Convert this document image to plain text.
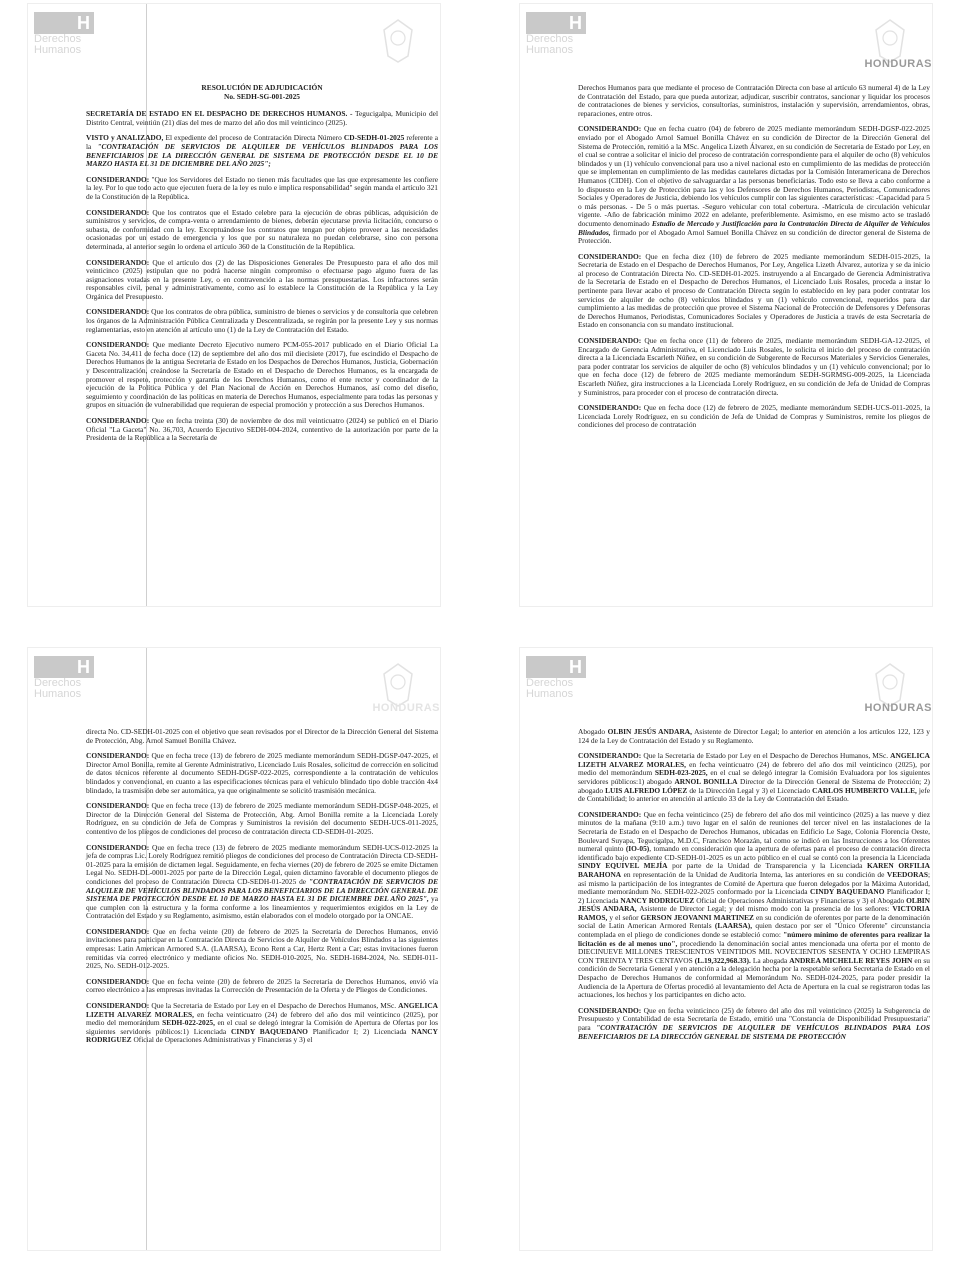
H
Derechos
Humanos

RESOLUCIÓN DE ADJUDICACIÓN
No. SEDH-SG-001-2025

SECRETARÍA DE ESTADO EN EL DESPACHO DE DERECHOS HUMANOS. - Tegucigalpa, Municipio del Distrito Central, veintiún (21) días del mes de marzo del año dos mil veinticinco (2025).

VISTO y ANALIZADO, El expediente del proceso de Contratación Directa Número CD-SEDH-01-2025 referente a la "CONTRATACIÓN DE SERVICIOS DE ALQUILER DE VEHÍCULOS BLINDADOS PARA LOS BENEFICIARIOS DE LA DIRECCIÓN GENERAL DE SISTEMA DE PROTECCIÓN DESDE EL 10 DE MARZO HASTA EL 31 DE DICIEMBRE DEL AÑO 2025";

CONSIDERANDO: "Que los Servidores del Estado no tienen más facultades que las que expresamente les confiere la ley. Por lo que todo acto que ejecuten fuera de la ley es nulo e implica responsabilidad" según manda el artículo 321 de la Constitución de la República.

CONSIDERANDO: Que los contratos que el Estado celebre para la ejecución de obras públicas, adquisición de suministros y servicios, de compra-venta o arrendamiento de bienes, deberán ejecutarse previa licitación, concurso o subasta, de conformidad con la ley. Exceptuándose los contratos que tengan por objeto proveer a las necesidades ocasionadas por un estado de emergencia y los que por su naturaleza no puedan celebrarse, sino con persona determinada, al anterior según lo ordena el artículo 360 de la Constitución de la República.

CONSIDERANDO: Que el artículo dos (2) de las Disposiciones Generales De Presupuesto para el año dos mil veinticinco (2025) estipulan que no podrá hacerse ningún compromiso o efectuarse pago alguno fuera de las asignaciones votadas en la presente Ley, o en contravención a las normas presupuestarias. Los infractores serán responsables civil, penal y administrativamente, como así lo establece la Constitución de la República y la Ley Orgánica del Presupuesto.

CONSIDERANDO: Que los contratos de obra pública, suministro de bienes o servicios y de consultoría que celebren los órganos de la Administración Pública Centralizada y Descentralizada, se regirán por la presente Ley y sus normas reglamentarias, esto en atención al artículo uno (1) de la Ley de Contratación del Estado.

CONSIDERANDO: Que mediante Decreto Ejecutivo numero PCM-055-2017 publicado en el Diario Oficial La Gaceta No. 34,411 de fecha doce (12) de septiembre del año dos mil diecisiete (2017), fue escindido el Despacho de Derechos Humanos de la antigua Secretaria de Estado en los Despachos de Derechos Humanos, Justicia, Gobernación y Descentralización, creándose la Secretaría de Estado en el Despacho de Derechos Humanos, es la encargada de promover el respeto, protección y garantía de los Derechos Humanos, como el ente rector y coordinador de la ejecución de la Política Pública y del Plan Nacional de Acción en Derechos Humanos, así como del diseño, seguimiento y coordinación de las políticas en materia de Derechos Humanos, especialmente para todas las personas y grupos en situación de vulnerabilidad que requieran de especial promoción y protección a sus Derechos Humanos.

CONSIDERANDO: Que en fecha treinta (30) de noviembre de dos mil veinticuatro (2024) se publicó en el Diario Oficial "La Gaceta" No. 36,703, Acuerdo Ejecutivo SEDH-004-2024, contentivo de la autorización por parte de la Presidenta de la República a la Secretaría de

H
Derechos
Humanos
HONDURAS

Derechos Humanos para que mediante el proceso de Contratación Directa con base al artículo 63 numeral 4) de la Ley de Contratación del Estado, para que pueda autorizar, adjudicar, suscribir contratos, sancionar y liquidar los procesos de contrataciones de bienes y servicios, consultorías, suministros, instalación y supervisión, arrendamientos, obras, reparaciones, entre otros.

CONSIDERANDO: Que en fecha cuatro (04) de febrero de 2025 mediante memorándum SEDH-DGSP-022-2025 enviado por el Abogado Arnol Samuel Bonilla Chávez en su condición de Director de la Dirección General del Sistema de Protección, remitió a la MSc. Angelica Lizeth Álvarez, en su condición de Secretaria de Estado por Ley, en el cual se contrae a solicitar el inicio del proceso de contratación correspondiente para el alquiler de ocho (8) vehículos blindados y un (1) vehículo convencional para uso a nivel nacional esto en cumplimiento de las medidas de protección que se implementan en cumplimiento de las medidas cautelares dictadas por la Comisión Interamericana de Derechos Humanos (CIDH). Con el objetivo de salvaguardar a las personas beneficiarias. Todo esto se lleva a cabo conforme a lo dispuesto en la Ley de Protección para las y los Defensores de Derechos Humanos, Periodistas, Comunicadores Sociales y Operadores de Justicia, debiendo los vehículos cumplir con las siguientes características: -Capacidad para 5 o más personas. - De 5 o más puertas. -Seguro vehicular con total cobertura. -Matrícula de circulación vehicular vigente. -Año de fabricación mínimo 2022 en adelante, preferiblemente. Asimismo, en ese mismo acto se trasladó documento denominado Estudio de Mercado y Justificación para la Contratación Directa de Alquiler de Vehículos Blindados, firmado por el Abogado Arnol Samuel Bonilla Chávez en su condición de director general de Sistema de Protección.

CONSIDERANDO: Que en fecha diez (10) de febrero de 2025 mediante memorándum SEDH-015-2025, la Secretaria de Estado en el Despacho de Derechos Humanos, Por Ley, Angelica Lizeth Álvarez, autoriza y se da inicio al proceso de Contratación Directa No. CD-SEDH-01-2025. instruyendo a al Encargado de Gerencia Administrativa de la Secretaría de Estado en el Despacho de Derechos Humanos, el Licenciado Luis Rosales, proceda a instar lo pertinente para llevar acabo el proceso de Contratación Directa según lo establecido en ley para poder contratar los servicios de alquiler de ocho (8) vehículos blindados y un (1) vehículo convencional, requeridos para dar cumplimiento a las medidas de protección que provee el Sistema Nacional de Protección de Defensores y Defensoras de Derechos Humanos, Periodistas, Comunicadores Sociales y Operadores de Justicia a través de esta Secretaría de Estado en consonancia con su mandato institucional.

CONSIDERANDO: Que en fecha once (11) de febrero de 2025, mediante memorándum SEDH-GA-12-2025, el Encargado de Gerencia Administrativa, el Licenciado Luis Rosales, le solicita el inicio del proceso de contratación directa a la Licenciada Escarleth Núñez, en su condición de Subgerente de Recursos Materiales y Servicios Generales, para poder contratar los servicios de alquiler de ocho (8) vehículos blindados y un (1) vehículo convencional; por lo que en fecha doce (12) de febrero de 2025 mediante memorándum SEDH-SGRMSG-009-2025, la Licenciada Escarleth Núñez, gira instrucciones a la Licenciada Lorely Rodríguez, en su condición de Jefa de Unidad de Compras y Suministros, para proceder con el proceso de contratación directa.

CONSIDERANDO: Que en fecha doce (12) de febrero de 2025, mediante memorándum SEDH-UCS-011-2025, la Licenciada Lorely Rodríguez, en su condición de Jefa de Unidad de Compras y Suministros, remite los pliegos de condiciones del proceso de contratación

H
Derechos
Humanos
HONDURAS

directa No. CD-SEDH-01-2025 con el objetivo que sean revisados por el Director de la Dirección General del Sistema de Protección, Abg. Arnol Samuel Bonilla Chávez.

CONSIDERANDO: Que en fecha trece (13) de febrero de 2025 mediante memorándum SEDH-DGSP-047-2025, el Director Arnol Bonilla, remite al Gerente Administrativo, Licenciado Luis Rosales, solicitud de corrección en solicitud de datos técnicos referente al documento SEDH-DGSP-022-2025, correspondiente a la contratación de vehículos blindados y convencional, en cuanto a las especificaciones técnicas para el vehículo blindado tipo doble tracción 4x4 blindado, la trasmisión debe ser automática, ya que originalmente se solicitó trasmisión mecánica.

CONSIDERANDO: Que en fecha trece (13) de febrero de 2025 mediante memorándum SEDH-DGSP-048-2025, el Director de la Dirección General del Sistema de Protección, Abg. Arnol Bonilla remite a la Licenciada Lorely Rodríguez, en su condición de Jefa de Compras y Suministros la revisión del documento SEDH-UCS-011-2025, contentivo de los pliegos de condiciones del proceso de contratación directa CD-SEDH-01-2025.

CONSIDERANDO: Que en fecha trece (13) de febrero de 2025 mediante memorándum SEDH-UCS-012-2025 la jefa de compras Lic. Lorely Rodríguez remitió pliegos de condiciones del proceso de Contratación Directa CD-SEDH-01-2025 para la emisión de dictamen legal. Seguidamente, en fecha viernes (20) de febrero de 2025 se emite Dictamen Legal No. SEDH-DL-0001-2025 por parte de la Dirección Legal, quien dictamino favorable el documento pliegos de condiciones del proceso de Contratación Directa CD-SEDH-01-2025 de "CONTRATACIÓN DE SERVICIOS DE ALQUILER DE VEHÍCULOS BLINDADOS PARA LOS BENEFICIARIOS DE LA DIRECCIÓN GENERAL DE SISTEMA DE PROTECCIÓN DESDE EL 10 DE MARZO HASTA EL 31 DE DICIEMBRE DEL AÑO 2025", ya que cumplen con la estructura y la forma conforme a los lineamientos y requerimientos exigidos en la Ley de Contratación del Estado y su Reglamento, asimismo, están elaborados con el modelo otorgado por la ONCAE.

CONSIDERANDO: Que en fecha veinte (20) de febrero de 2025 la Secretaría de Derechos Humanos, envió invitaciones para participar en la Contratación Directa de Servicios de Alquiler de Vehículos Blindados a las siguientes empresas: Latin American Armored S.A. (LAARSA), Econo Rent a Car, Hertz Rent a Car; estas invitaciones fueron remitidas vía correo electrónico y mediante oficios No. SEDH-010-2025, No. SEDH-1684-2024, No. SEDH-011-2025, No. SEDH-012-2025.

CONSIDERANDO: Que en fecha veinte (20) de febrero de 2025 la Secretaría de Derechos Humanos, envió vía correo electrónico a las empresas invitadas la Corrección de Presentación de la Oferta y de Pliegos de Condiciones.

CONSIDERANDO: Que la Secretaria de Estado por Ley en el Despacho de Derechos Humanos, MSc. ANGELICA LIZETH ALVAREZ MORALES, en fecha veinticuatro (24) de febrero del año dos mil veinticinco (2025), por medio del memorándum SEDH-022-2025, en el cual se delegó integrar la Comisión de Apertura de Ofertas por los siguientes servidores públicos:1) Licenciada CINDY BAQUEDANO Planificador I; 2) Licenciada NANCY RODRIGUEZ Oficial de Operaciones Administrativas y Financieras y 3) el

H
Derechos
Humanos
HONDURAS

Abogado OLBIN JESÚS ANDARA, Asistente de Director Legal; lo anterior en atención a los artículos 122, 123 y 124 de la Ley de Contratación del Estado y su Reglamento.

CONSIDERANDO: Que la Secretaria de Estado por Ley en el Despacho de Derechos Humanos, MSc. ANGELICA LIZETH ALVAREZ MORALES, en fecha veinticuatro (24) de febrero del año dos mil veinticinco (2025), por medio del memorándum SEDH-023-2025, en el cual se delegó integrar la Comisión Evaluadora por los siguientes servidores públicos:1) abogado ARNOL BONILLA Director de la Dirección General de Sistema de Protección; 2) abogado LUIS ALFREDO LÓPEZ de la Dirección Legal y 3) el Licenciado CARLOS HUMBERTO VALLE, jefe de Contabilidad; lo anterior en atención al artículo 33 de la Ley de Contratación del Estado.

CONSIDERANDO: Que en fecha veinticinco (25) de febrero del año dos mil veinticinco (2025) a las nueve y diez minutos de la mañana (9:10 a.m.) tuvo lugar en el salón de reuniones del tercer nivel en las instalaciones de la Secretaría de Estado en el Despacho de Derechos Humanos, ubicadas en Edificio Le Sage, Colonia Florencia Oeste, Boulevard Suyapa, Tegucigalpa, M.D.C, Francisco Morazán, tal como se indicó en las Instrucciones a los Oferentes numeral quinto (IO-05), tomando en consideración que la apertura de ofertas para el proceso de contratación directa identificado bajo expediente CD-SEDH-01-2025 es un acto público en el cual se contó con la presencia la Licenciada SINDY EQUIVEL MEJÍA por parte de la Unidad de Transparencia y la Licenciada KAREN ORFILIA BARAHONA en representación de la Unidad de Auditoría Interna, las anteriores en su condición de VEEDORAS; así mismo la participación de los integrantes de Comité de Apertura que fueron delegados por la Máxima Autoridad, mediante memorándum No. SEDH-022-2025 conformado por la Licenciada CINDY BAQUEDANO Planificador I; 2) Licenciada NANCY RODRIGUEZ Oficial de Operaciones Administrativas y Financieras y 3) el Abogado OLBIN JESÚS ANDARA, Asistente de Director Legal; y del mismo modo con la presencia de los señores: VICTORIA RAMOS, y el señor GERSON JEOVANNI MARTINEZ en su condición de oferentes por parte de la denominación social de Latin American Armored Rentals (LAARSA), quien destaco por ser el "Único Oferente" circunstancia contemplada en el pliego de condiciones donde se estableció como: "número mínimo de oferentes para realizar la licitación es de al menos uno", procediendo la denominación social antes mencionada una oferta por el monto de DIECINUEVE MILLONES TRESCIENTOS VEINTIDOS MIL NOVECIENTOS SESENTA Y OCHO LEMPIRAS CON TREINTA Y TRES CENTAVOS (L.19,322,968.33). La abogada ANDREA MICHELLE REYES JOHN en su condición de Secretaria General y en atención a la delegación hecha por la respetable señora Secretaria de Estado en el Despacho de Derechos Humanos de conformidad al Memorándum No. SEDH-024-2025, para poder presidir la Audiencia de la Apertura de Ofertas procedió al levantamiento del Acta de Apertura en la cual se registraron todas las actuaciones, los hechos y los participantes en dicho acto.

CONSIDERANDO: Que en fecha veinticinco (25) de febrero del año dos mil veinticinco (2025) la Subgerencia de Presupuesto y Contabilidad de esta Secretaría de Estado, emitió una "Constancia de Disponibilidad Presupuestaria" para "CONTRATACIÓN DE SERVICIOS DE ALQUILER DE VEHÍCULOS BLINDADOS PARA LOS BENEFICIARIOS DE LA DIRECCIÓN GENERAL DE SISTEMA DE PROTECCIÓN
